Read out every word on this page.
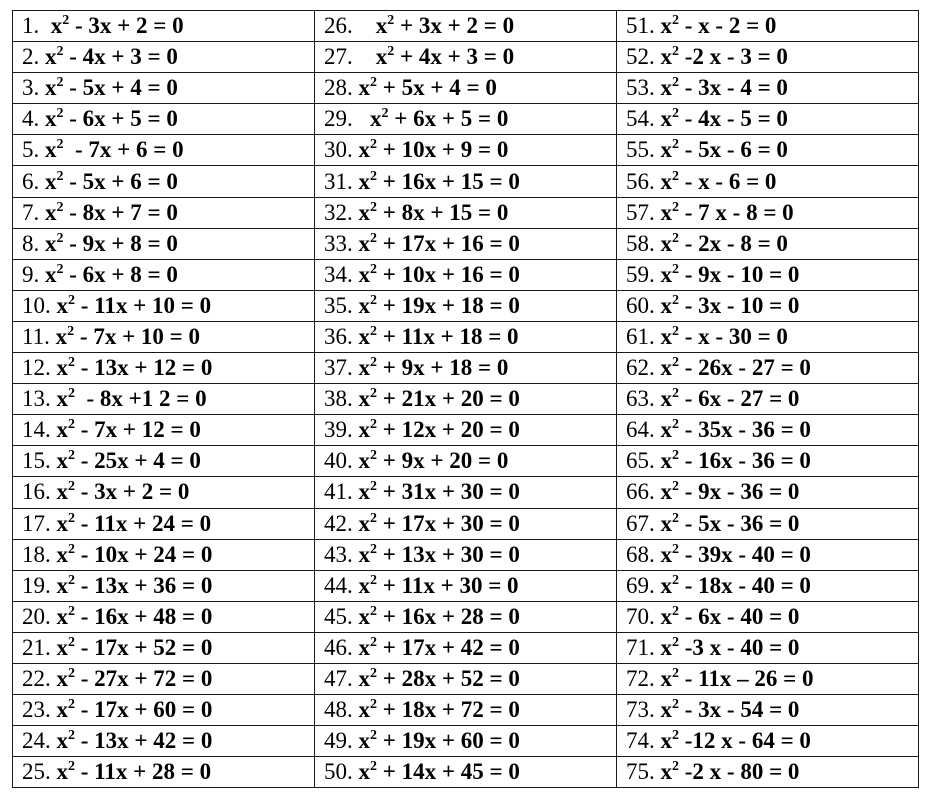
1.  $x^2 - 3x + 2 = 0$	26.    $x^2 + 3x + 2 = 0$	51. $x^2 - x - 2 = 0$
2. $x^2 - 4x + 3 = 0$	27.    $x^2 + 4x + 3 = 0$	52. $x^2$ -2 x - 3 = 0
3. $x^2 - 5x + 4 = 0$	28. $x^2 + 5x + 4 = 0$	53. $x^2 - 3x - 4 = 0$
4. $x^2 - 6x + 5 = 0$	29.   $x^2 + 6x + 5 = 0$	54. $x^2 - 4x - 5 = 0$
5. $x^2 - 7x + 6 = 0$	30. $x^2 + 10x + 9 = 0$	55. $x^2 - 5x - 6 = 0$
6. $x^2 - 5x + 6 = 0$	31. $x^2 + 16x + 15 = 0$	56. $x^2 - x - 6 = 0$
7. $x^2 - 8x + 7 = 0$	32. $x^2 + 8x + 15 = 0$	57. $x^2 - 7$ x - 8 = 0
8. $x^2 - 9x + 8 = 0$	33. $x^2 + 17x + 16 = 0$	58. $x^2 - 2x - 8 = 0$
9. $x^2 - 6x + 8 = 0$	34. $x^2 + 10x + 16 = 0$	59. $x^2 - 9x - 10 = 0$
10. $x^2 - 11x + 10 = 0$	35. $x^2 + 19x + 18 = 0$	60. $x^2 - 3x - 10 = 0$
11. $x^2 - 7x + 10 = 0$	36. $x^2 + 11x + 18 = 0$	61. $x^2 - x - 30 = 0$
12. $x^2 - 13x + 12 = 0$	37. $x^2 + 9x + 18 = 0$	62. $x^2 - 26x - 27 = 0$
13. $x^2 - 8x +1$ 2 = 0	38. $x^2 + 21x + 20 = 0$	63. $x^2 - 6x - 27 = 0$
14. $x^2 - 7x + 12 = 0$	39. $x^2 + 12x + 20 = 0$	64. $x^2 - 35x - 36 = 0$
15. $x^2 - 25x + 4 = 0$	40. $x^2 + 9x + 20 = 0$	65. $x^2 - 16x - 36 = 0$
16. $x^2 - 3x + 2 = 0$	41. $x^2 + 31x + 30 = 0$	66. $x^2 - 9x - 36 = 0$
17. $x^2 - 11x + 24 = 0$	42. $x^2 + 17x + 30 = 0$	67. $x^2 - 5x - 36 = 0$
18. $x^2 - 10x + 24 = 0$	43. $x^2 + 13x + 30 = 0$	68. $x^2 - 39x - 40 = 0$
19. $x^2 - 13x + 36 = 0$	44. $x^2 + 11x + 30 = 0$	69. $x^2 - 18x - 40 = 0$
20. $x^2 - 16x + 48 = 0$	45. $x^2 + 16x + 28 = 0$	70. $x^2 - 6x - 40 = 0$
21. $x^2 - 17x + 52 = 0$	46. $x^2 + 17x + 42 = 0$	71. $x^2$ -3 x - 40 = 0
22. $x^2 - 27x + 72 = 0$	47. $x^2 + 28x + 52 = 0$	72. $x^2 - 11x - 26 = 0$
23. $x^2 - 17x + 60 = 0$	48. $x^2 + 18x + 72 = 0$	73. $x^2 - 3x - 54 = 0$
24. $x^2 - 13x + 42 = 0$	49. $x^2 + 19x + 60 = 0$	74. $x^2$ -12 x - 64 = 0
25. $x^2 - 11x + 28 = 0$	50. $x^2 + 14x + 45 = 0$	75. $x^2$ -2 x - 80 = 0
